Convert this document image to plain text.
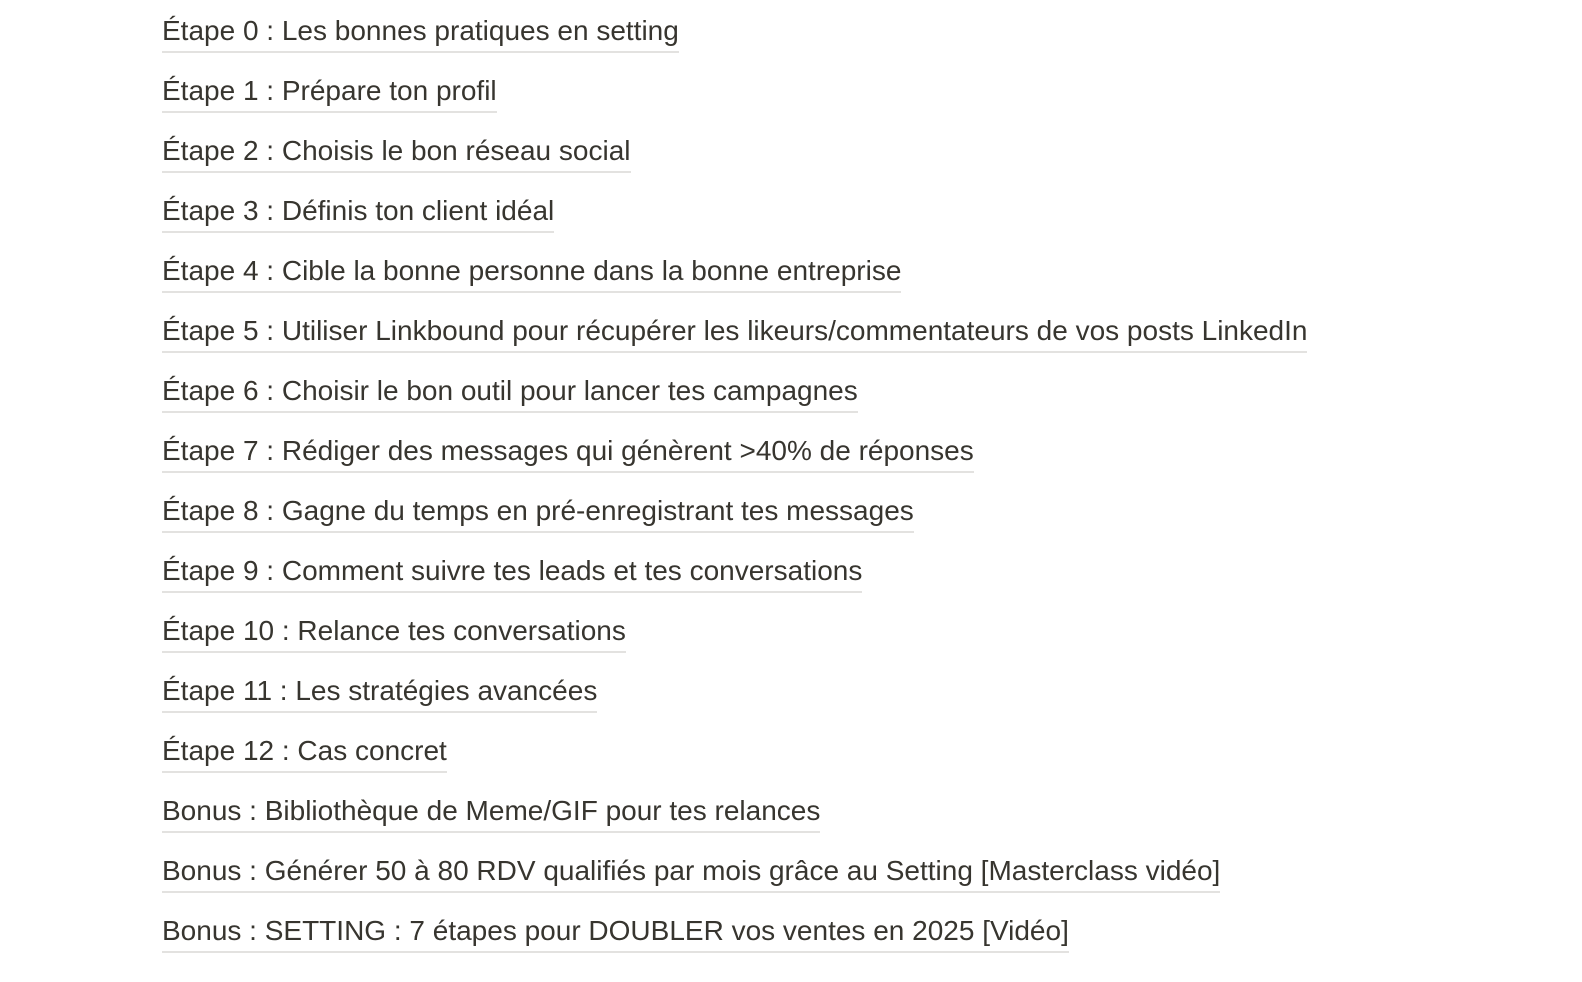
Étape 0 : Les bonnes pratiques en setting
Étape 1 : Prépare ton profil
Étape 2 : Choisis le bon réseau social
Étape 3 : Définis ton client idéal
Étape 4 : Cible la bonne personne dans la bonne entreprise
Étape 5 : Utiliser Linkbound pour récupérer les likeurs/commentateurs de vos posts LinkedIn
Étape 6 : Choisir le bon outil pour lancer tes campagnes
Étape 7 : Rédiger des messages qui génèrent >40% de réponses
Étape 8 : Gagne du temps en pré-enregistrant tes messages
Étape 9 : Comment suivre tes leads et tes conversations
Étape 10 : Relance tes conversations
Étape 11 : Les stratégies avancées
Étape 12 : Cas concret
Bonus : Bibliothèque de Meme/GIF pour tes relances
Bonus : Générer 50 à 80 RDV qualifiés par mois grâce au Setting [Masterclass vidéo]
Bonus : SETTING : 7 étapes pour DOUBLER vos ventes en 2025 [Vidéo]
